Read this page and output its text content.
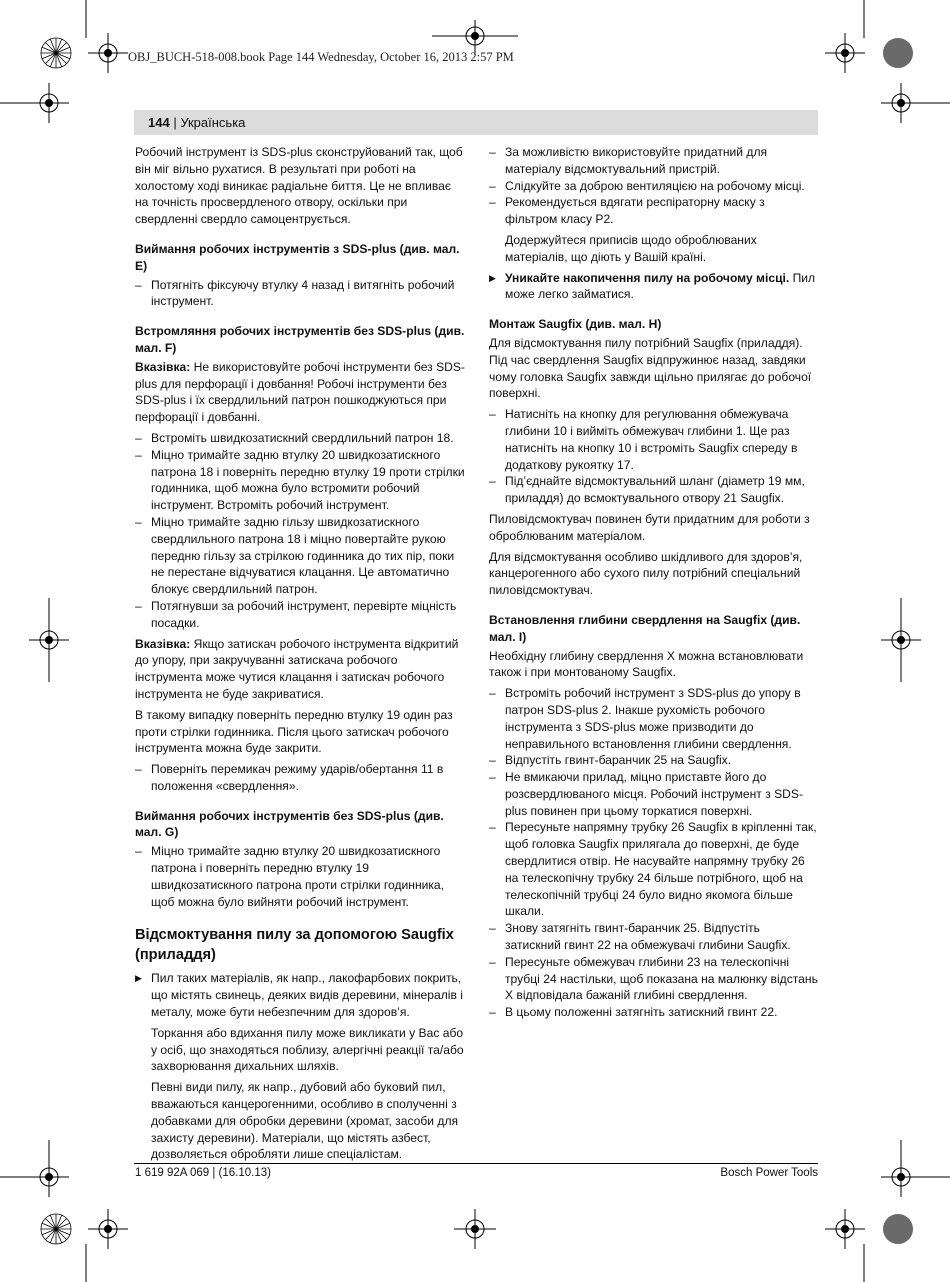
OBJ_BUCH-518-008.book Page 144 Wednesday, October 16, 2013 2:57 PM
144 | Українська

Робочий інструмент із SDS-plus сконструйований так, щоб він міг вільно рухатися. В результаті при роботі на холостому ході виникає радіальне биття. Це не впливає на точність просвердленого отвору, оскільки при свердленні свердло самоцентрується.

Виймання робочих інструментів з SDS-plus (див. мал. E)

– Потягніть фіксуючу втулку 4 назад і витягніть робочий інструмент.

Встромляння робочих інструментів без SDS-plus (див. мал. F)

Вказівка: Не використовуйте робочі інструменти без SDS-plus для перфорації і довбання! Робочі інструменти без SDS-plus і їх свердлильний патрон пошкоджуються при перфорації і довбанні.

– Встроміть швидкозатискний свердлильний патрон 18.
– Міцно тримайте задню втулку 20 швидкозатискного патрона 18 і поверніть передню втулку 19 проти стрілки годинника, щоб можна було встромити робочий інструмент. Встроміть робочий інструмент.
– Міцно тримайте задню гільзу швидкозатискного свердлильного патрона 18 і міцно повертайте рукою передню гільзу за стрілкою годинника до тих пір, поки не перестане відчуватися клацання. Це автоматично блокує свердлильний патрон.
– Потягнувши за робочий інструмент, перевірте міцність посадки.

Вказівка: Якщо затискач робочого інструмента відкритий до упору, при закручуванні затискача робочого інструмента може чутися клацання і затискач робочого інструмента не буде закриватися.

В такому випадку поверніть передню втулку 19 один раз проти стрілки годинника. Після цього затискач робочого інструмента можна буде закрити.

– Поверніть перемикач режиму ударів/обертання 11 в положення «свердлення».

Виймання робочих інструментів без SDS-plus (див. мал. G)

– Міцно тримайте задню втулку 20 швидкозатискного патрона і поверніть передню втулку 19 швидкозатискного патрона проти стрілки годинника, щоб можна було вийняти робочий інструмент.

Відсмоктування пилу за допомогою Saugfix (приладдя)

▶ Пил таких матеріалів, як напр., лакофарбових покрить, що містять свинець, деяких видів деревини, мінералів і металу, може бути небезпечним для здоров’я.

Торкання або вдихання пилу може викликати у Вас або у осіб, що знаходяться поблизу, алергічні реакції та/або захворювання дихальних шляхів.

Певні види пилу, як напр., дубовий або буковий пил, вважаються канцерогенними, особливо в сполученні з добавками для обробки деревини (хромат, засоби для захисту деревини). Матеріали, що містять азбест, дозволяється обробляти лише спеціалістам.

– За можливістю використовуйте придатний для матеріалу відсмоктувальний пристрій.
– Слідкуйте за доброю вентиляцією на робочому місці.
– Рекомендується вдягати респіраторну маску з фільтром класу P2.

Додержуйтеся приписів щодо оброблюваних матеріалів, що діють у Вашій країні.

▶ Уникайте накопичення пилу на робочому місці. Пил може легко займатися.

Монтаж Saugfix (див. мал. H)

Для відсмоктування пилу потрібний Saugfix (приладдя). Під час свердлення Saugfix відпружинює назад, завдяки чому головка Saugfix завжди щільно прилягає до робочої поверхні.

– Натисніть на кнопку для регулювання обмежувача глибини 10 і вийміть обмежувач глибини 1. Ще раз натисніть на кнопку 10 і встроміть Saugfix спереду в додаткову рукоятку 17.
– Під’єднайте відсмоктувальний шланг (діаметр 19 мм, приладдя) до всмоктувального отвору 21 Saugfix.

Пиловідсмоктувач повинен бути придатним для роботи з оброблюваним матеріалом.

Для відсмоктування особливо шкідливого для здоров’я, канцерогенного або сухого пилу потрібний спеціальний пиловідсмоктувач.

Встановлення глибини свердлення на Saugfix (див. мал. I)

Необхідну глибину свердлення X можна встановлювати також і при монтованому Saugfix.

– Встроміть робочий інструмент з SDS-plus до упору в патрон SDS-plus 2. Інакше рухомість робочого інструмента з SDS-plus може призводити до неправильного встановлення глибини свердлення.
– Відпустіть гвинт-баранчик 25 на Saugfix.
– Не вмикаючи прилад, міцно приставте його до розсвердлюваного місця. Робочий інструмент з SDS-plus повинен при цьому торкатися поверхні.
– Пересуньте напрямну трубку 26 Saugfix в кріпленні так, щоб головка Saugfix прилягала до поверхні, де буде свердлитися отвір. Не насувайте напрямну трубку 26 на телескопічну трубку 24 більше потрібного, щоб на телескопічній трубці 24 було видно якомога більше шкали.
– Знову затягніть гвинт-баранчик 25. Відпустіть затискний гвинт 22 на обмежувачі глибини Saugfix.
– Пересуньте обмежувач глибини 23 на телескопічні трубці 24 настільки, щоб показана на малюнку відстань X відповідала бажаній глибині свердлення.
– В цьому положенні затягніть затискний гвинт 22.
1 619 92A 069 | (16.10.13)	Bosch Power Tools
